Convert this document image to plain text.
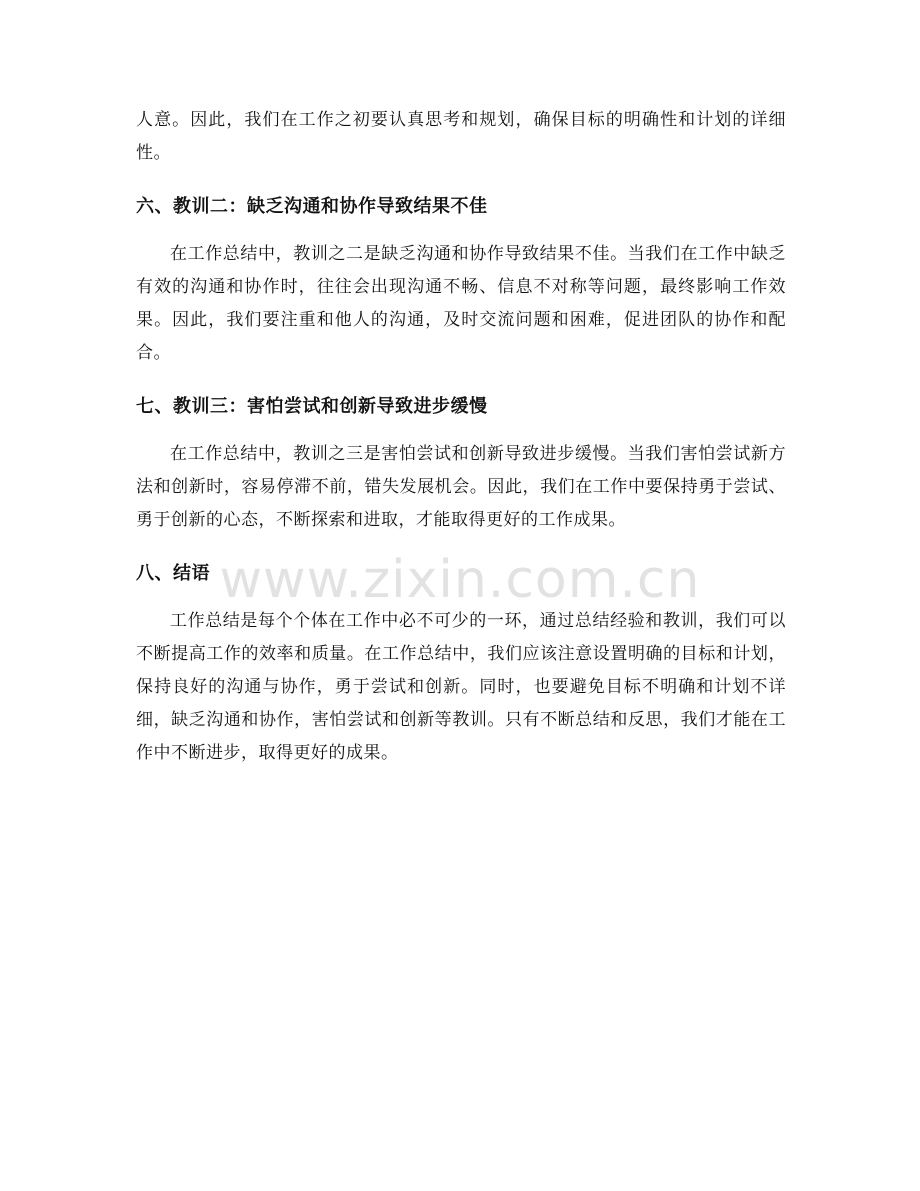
人意。因此，我们在工作之初要认真思考和规划，确保目标的明确性和计划的详细性。

六、教训二：缺乏沟通和协作导致结果不佳

在工作总结中，教训之二是缺乏沟通和协作导致结果不佳。当我们在工作中缺乏有效的沟通和协作时，往往会出现沟通不畅、信息不对称等问题，最终影响工作效果。因此，我们要注重和他人的沟通，及时交流问题和困难，促进团队的协作和配合。

七、教训三：害怕尝试和创新导致进步缓慢

在工作总结中，教训之三是害怕尝试和创新导致进步缓慢。当我们害怕尝试新方法和创新时，容易停滞不前，错失发展机会。因此，我们在工作中要保持勇于尝试、勇于创新的心态，不断探索和进取，才能取得更好的工作成果。

八、结语

工作总结是每个个体在工作中必不可少的一环，通过总结经验和教训，我们可以不断提高工作的效率和质量。在工作总结中，我们应该注意设置明确的目标和计划，保持良好的沟通与协作，勇于尝试和创新。同时，也要避免目标不明确和计划不详细，缺乏沟通和协作，害怕尝试和创新等教训。只有不断总结和反思，我们才能在工作中不断进步，取得更好的成果。

www.zixin.com.cn
